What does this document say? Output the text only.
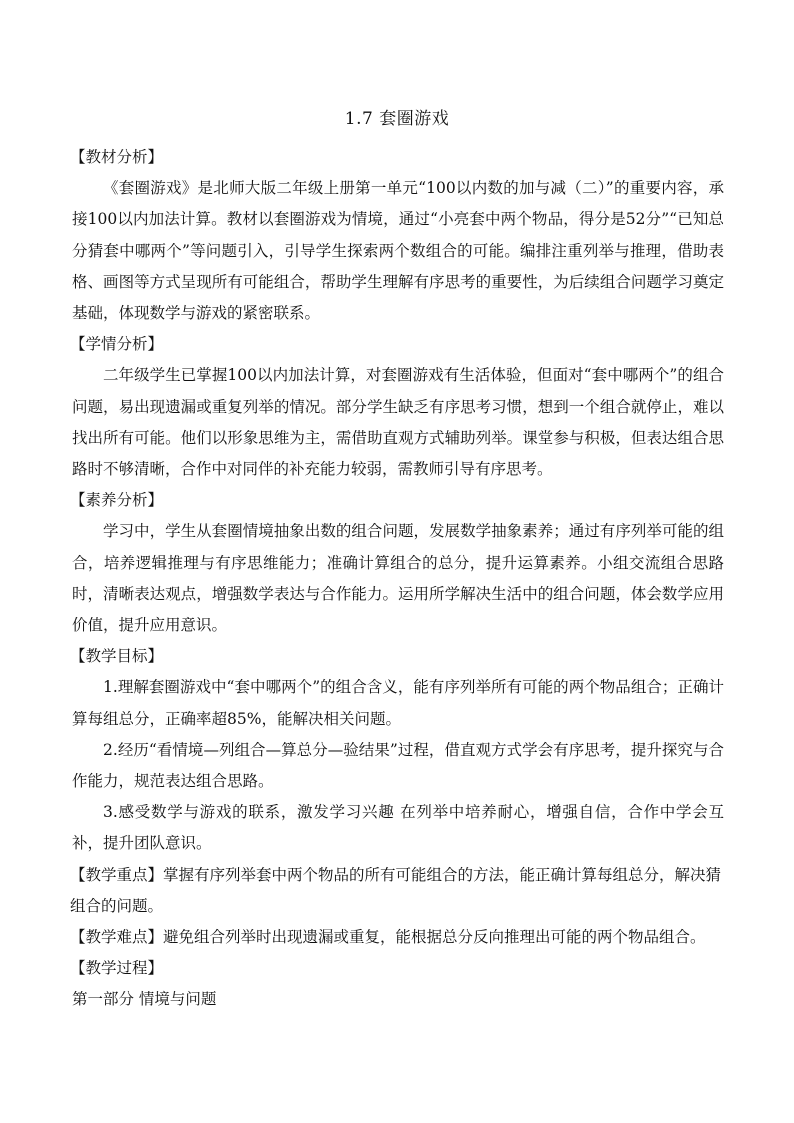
1.7 套圈游戏

【教材分析】

《套圈游戏》是北师大版二年级上册第一单元“100以内数的加与减（二）”的重要内容，承接100以内加法计算。教材以套圈游戏为情境，通过“小亮套中两个物品，得分是52分”“已知总分猜套中哪两个”等问题引入，引导学生探索两个数组合的可能。编排注重列举与推理，借助表格、画图等方式呈现所有可能组合，帮助学生理解有序思考的重要性，为后续组合问题学习奠定基础，体现数学与游戏的紧密联系。

【学情分析】

二年级学生已掌握100以内加法计算，对套圈游戏有生活体验，但面对“套中哪两个”的组合问题，易出现遗漏或重复列举的情况。部分学生缺乏有序思考习惯，想到一个组合就停止，难以找出所有可能。他们以形象思维为主，需借助直观方式辅助列举。课堂参与积极，但表达组合思路时不够清晰，合作中对同伴的补充能力较弱，需教师引导有序思考。

【素养分析】

学习中，学生从套圈情境抽象出数的组合问题，发展数学抽象素养；通过有序列举可能的组合，培养逻辑推理与有序思维能力；准确计算组合的总分，提升运算素养。小组交流组合思路时，清晰表达观点，增强数学表达与合作能力。运用所学解决生活中的组合问题，体会数学应用价值，提升应用意识。

【教学目标】

1.理解套圈游戏中“套中哪两个”的组合含义，能有序列举所有可能的两个物品组合；正确计算每组总分，正确率超85%，能解决相关问题。

2.经历“看情境—列组合—算总分—验结果”过程，借直观方式学会有序思考，提升探究与合作能力，规范表达组合思路。

3.感受数学与游戏的联系，激发学习兴趣 在列举中培养耐心，增强自信，合作中学会互补，提升团队意识。

【教学重点】掌握有序列举套中两个物品的所有可能组合的方法，能正确计算每组总分，解决猜组合的问题。

【教学难点】避免组合列举时出现遗漏或重复，能根据总分反向推理出可能的两个物品组合。

【教学过程】

第一部分 情境与问题
